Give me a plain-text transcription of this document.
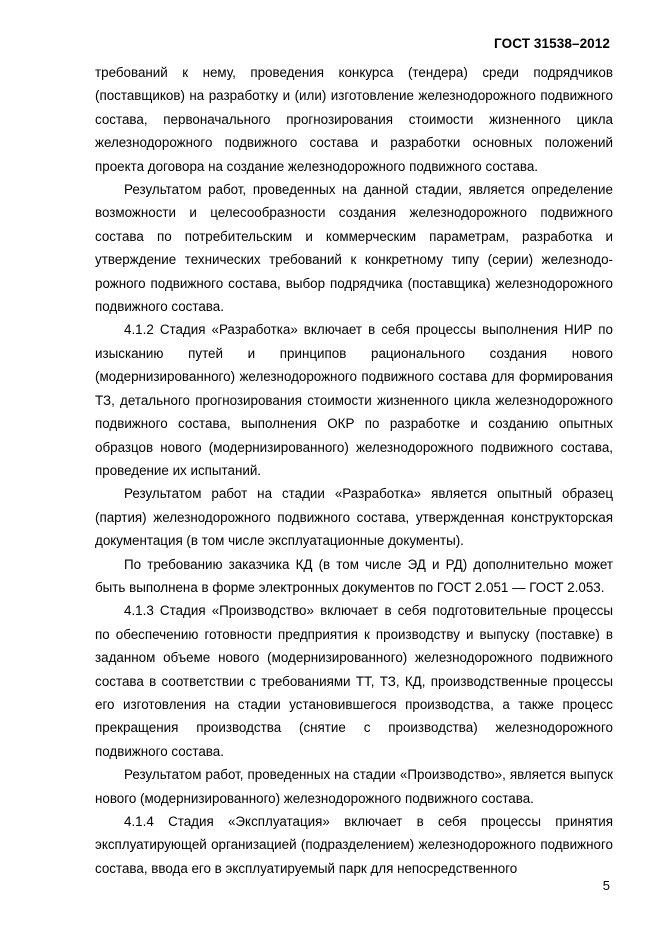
ГОСТ 31538–2012

требований к нему, проведения конкурса (тендера) среди подрядчиков (поставщиков) на разработку и (или) изготовление железнодорожного подвижного состава, первоначального прогнозирования стоимости жизненного цикла железнодорожного подвижного состава и разработки основных положений проекта договора на создание железнодорожного подвижного состава.

Результатом работ, проведенных на данной стадии, является определение возможности и целесообразности создания железнодорожного подвижного состава по потребительским и коммерческим параметрам, разработка и утверждение технических требований к конкретному типу (серии) железнодо-рожного подвижного состава, выбор подрядчика (поставщика) железнодорожного подвижного состава.

4.1.2 Стадия «Разработка» включает в себя процессы выполнения НИР по изысканию путей и принципов рационального создания нового (модернизированного) железнодорожного подвижного состава для формирования ТЗ, детального прогнозирования стоимости жизненного цикла железнодорожного подвижного состава, выполнения ОКР по разработке и созданию опытных образцов нового (модернизированного) железнодорожного подвижного состава, проведение их испытаний.

Результатом работ на стадии «Разработка» является опытный образец (партия) железнодорожного подвижного состава, утвержденная конструкторская документация (в том числе эксплуатационные документы).

По требованию заказчика КД (в том числе ЭД и РД) дополнительно может быть выполнена в форме электронных документов по ГОСТ 2.051 — ГОСТ 2.053.

4.1.3 Стадия «Производство» включает в себя подготовительные процессы по обеспечению готовности предприятия к производству и выпуску (поставке) в заданном объеме нового (модернизированного) железнодорожного подвижного состава в соответствии с требованиями ТТ, ТЗ, КД, производственные процессы его изготовления на стадии установившегося производства, а также процесс прекращения производства (снятие с производства) железнодорожного подвижного состава.

Результатом работ, проведенных на стадии «Производство», является выпуск нового (модернизированного) железнодорожного подвижного состава.

4.1.4 Стадия «Эксплуатация» включает в себя процессы принятия эксплуатирующей организацией (подразделением) железнодорожного подвижного состава, ввода его в эксплуатируемый парк для непосредственного

5
